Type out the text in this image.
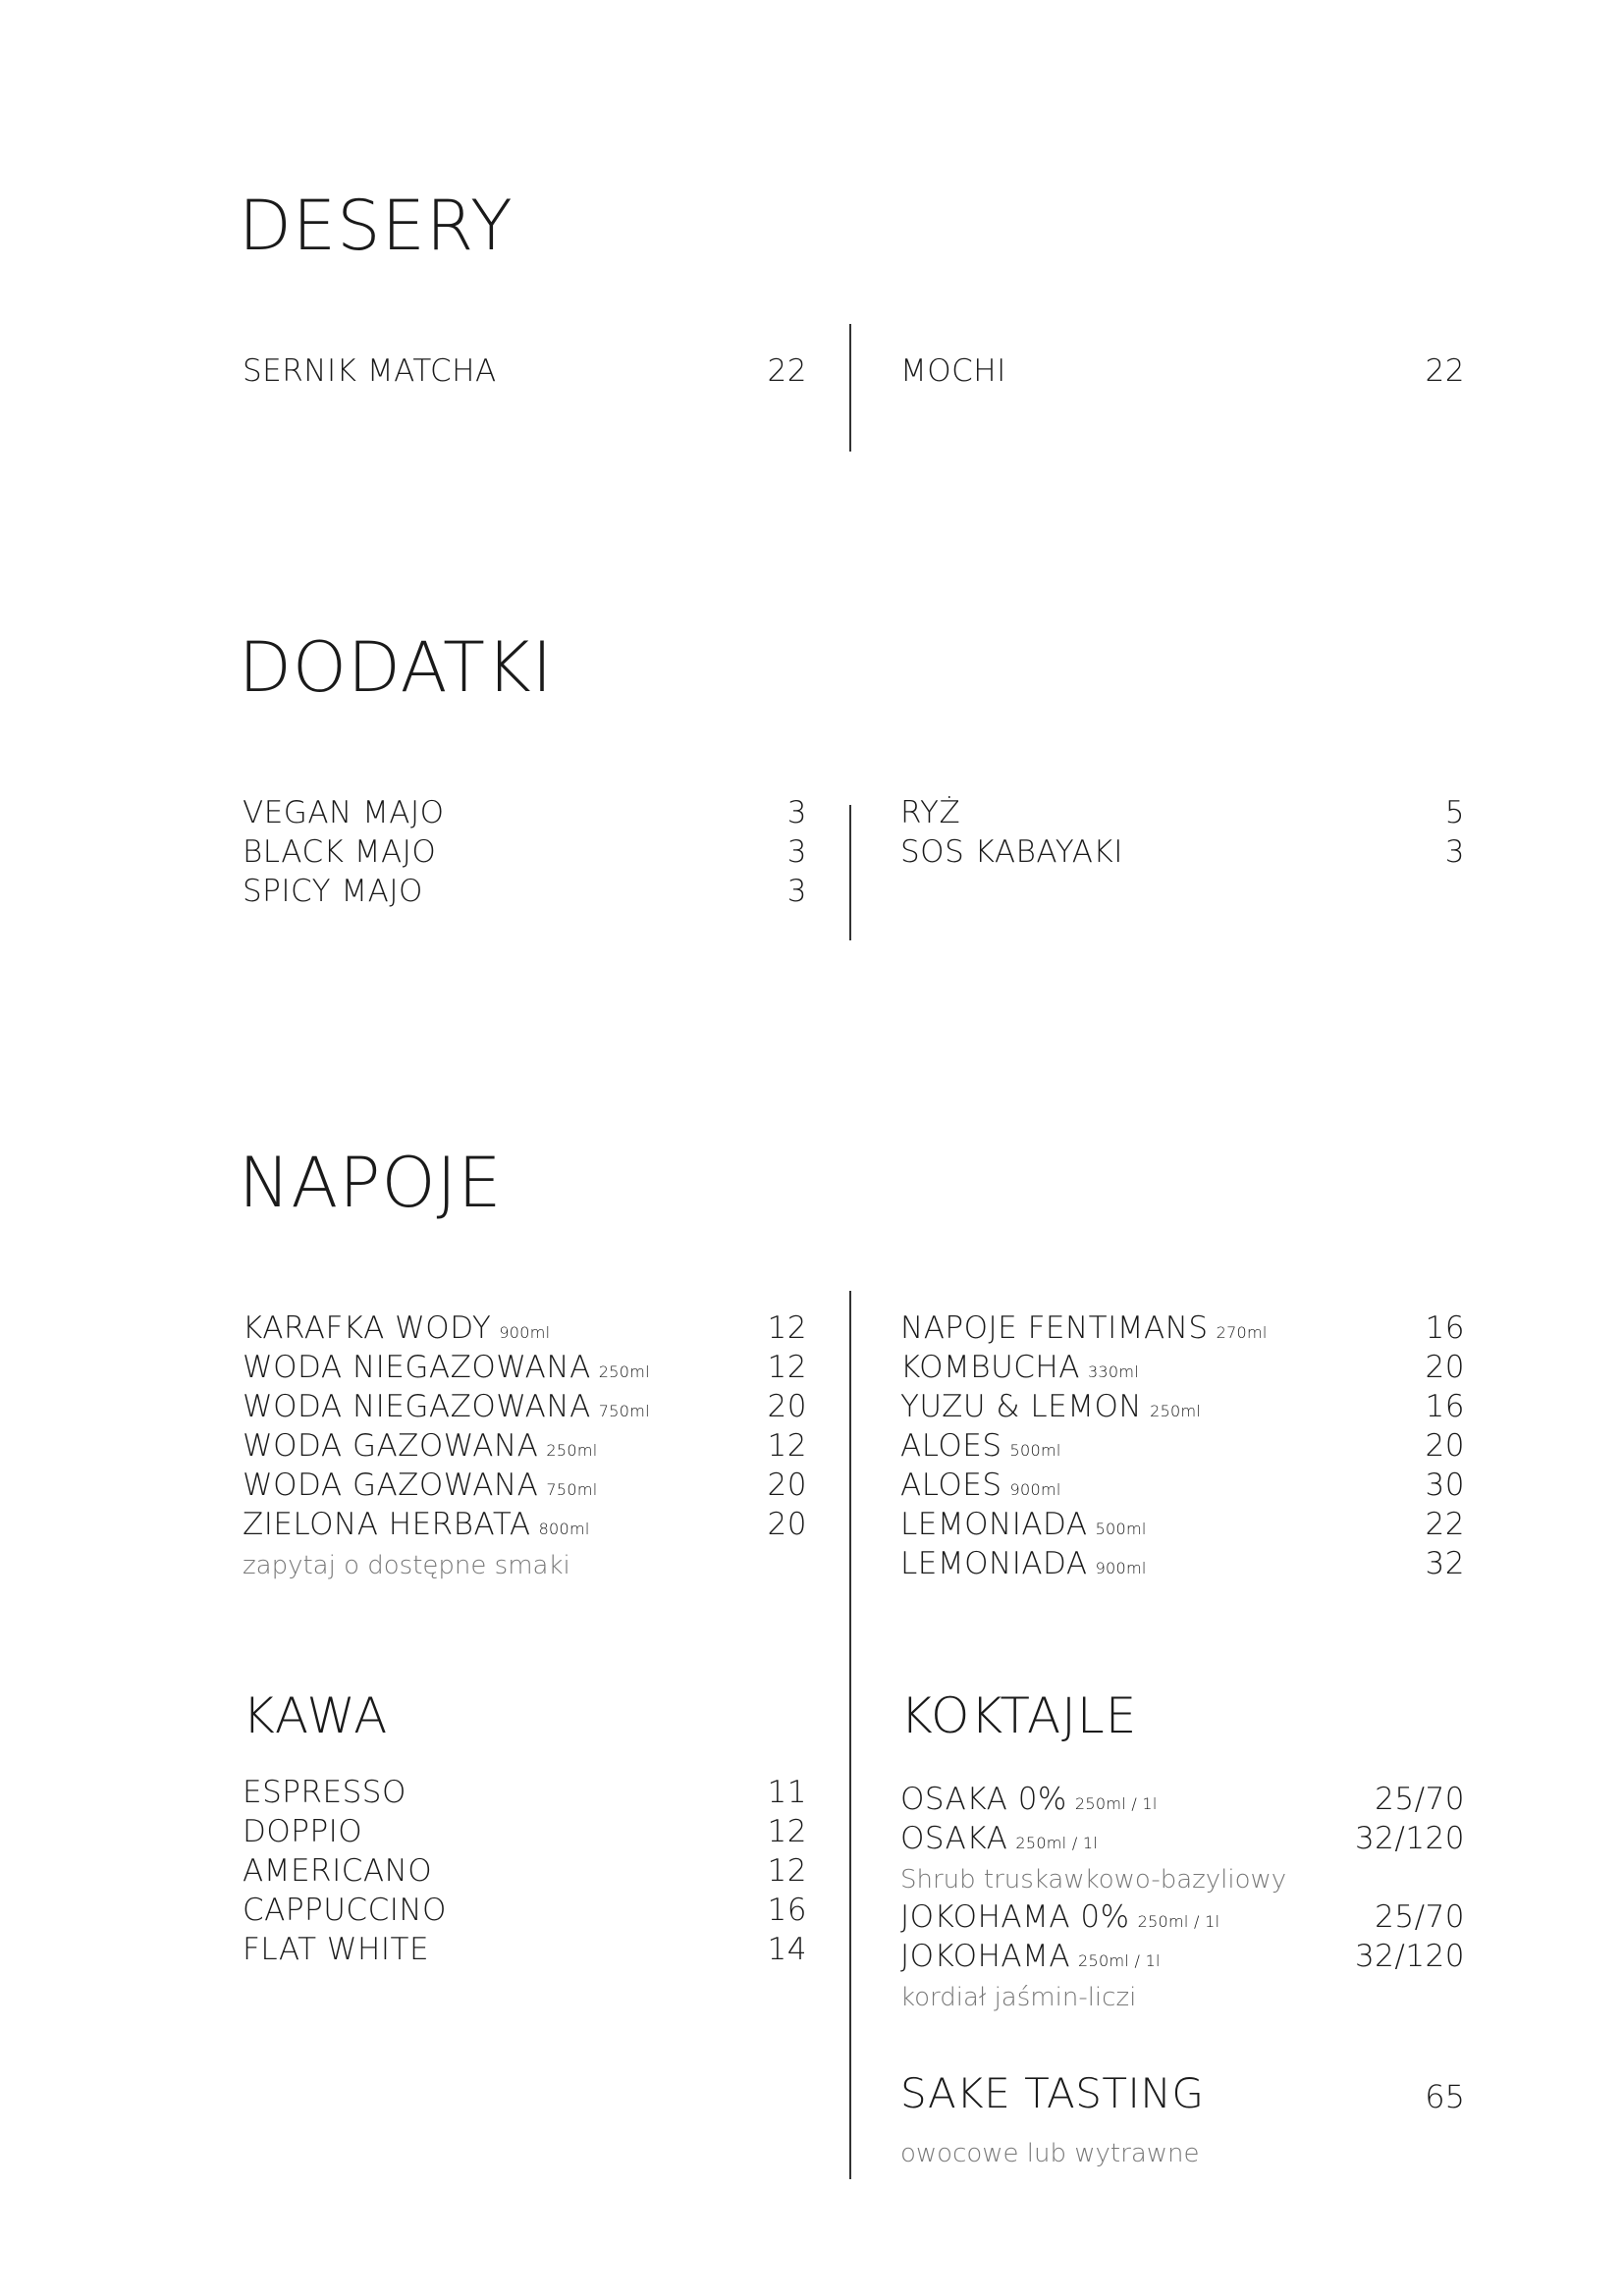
DESERY
SERNIK MATCHA	22	MOCHI	22
DODATKI
VEGAN MAJO	3
BLACK MAJO	3
SPICY MAJO	3
RYŻ	5
SOS KABAYAKI	3
NAPOJE
KARAFKA WODY 900ml	12
WODA NIEGAZOWANA 250ml	12
WODA NIEGAZOWANA 750ml	20
WODA GAZOWANA 250ml	12
WODA GAZOWANA 750ml	20
ZIELONA HERBATA 800ml	20
zapytaj o dostępne smaki
NAPOJE FENTIMANS 270ml	16
KOMBUCHA 330ml	20
YUZU & LEMON 250ml	16
ALOES 500ml	20
ALOES 900ml	30
LEMONIADA 500ml	22
LEMONIADA 900ml	32
KAWA
ESPRESSO	11
DOPPIO	12
AMERICANO	12
CAPPUCCINO	16
FLAT WHITE	14
KOKTAJLE
OSAKA 0% 250ml / 1l	25/70
OSAKA 250ml / 1l	32/120
Shrub truskawkowo-bazyliowy
JOKOHAMA 0% 250ml / 1l	25/70
JOKOHAMA 250ml / 1l	32/120
kordiał jaśmin-liczi
SAKE TASTING	65
owocowe lub wytrawne
